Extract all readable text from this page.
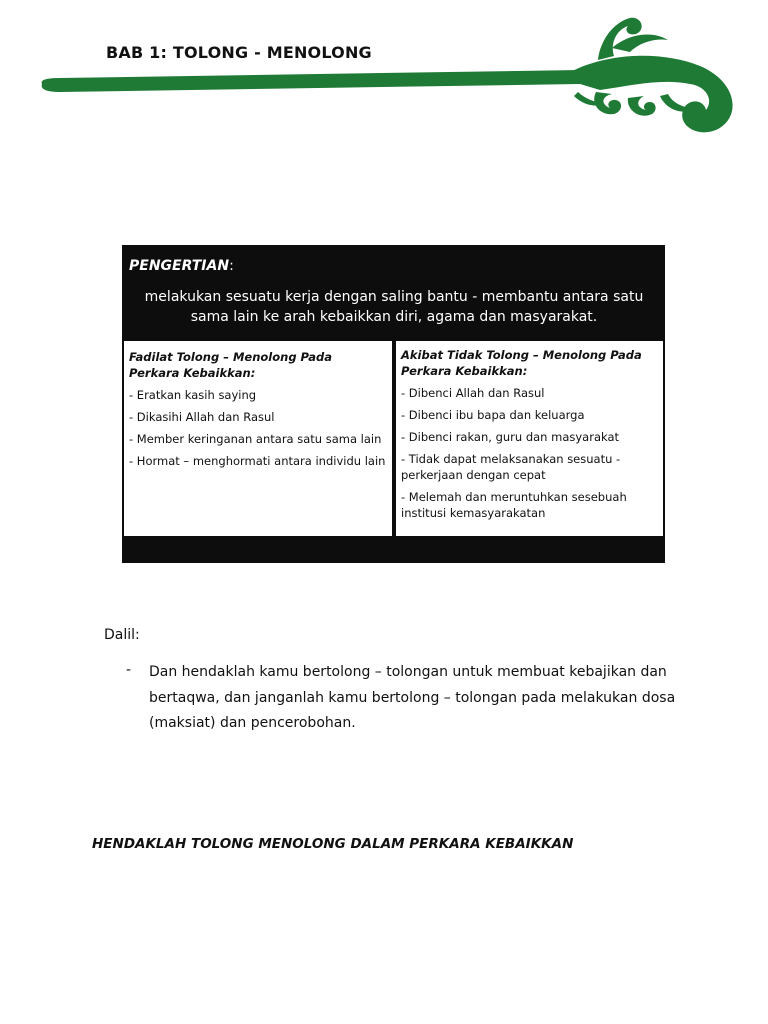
BAB 1: TOLONG - MENOLONG
PENGERTIAN:
melakukan sesuatu kerja dengan saling bantu - membantu antara satu sama lain ke arah kebaikkan diri, agama dan masyarakat.
Fadilat Tolong – Menolong Pada Perkara Kebaikkan:
- Eratkan kasih saying
- Dikasihi Allah dan Rasul
- Member keringanan antara satu sama lain
- Hormat – menghormati antara individu lain
Akibat Tidak Tolong – Menolong Pada Perkara Kebaikkan:
- Dibenci Allah dan Rasul
- Dibenci ibu bapa dan keluarga
- Dibenci rakan, guru dan masyarakat
- Tidak dapat melaksanakan sesuatu - perkerjaan dengan cepat
- Melemah dan meruntuhkan sesebuah institusi kemasyarakatan
Dalil:
- Dan hendaklah kamu bertolong – tolongan untuk membuat kebajikan dan bertaqwa, dan janganlah kamu bertolong – tolongan pada melakukan dosa (maksiat) dan pencerobohan.
HENDAKLAH TOLONG MENOLONG DALAM PERKARA KEBAIKKAN
